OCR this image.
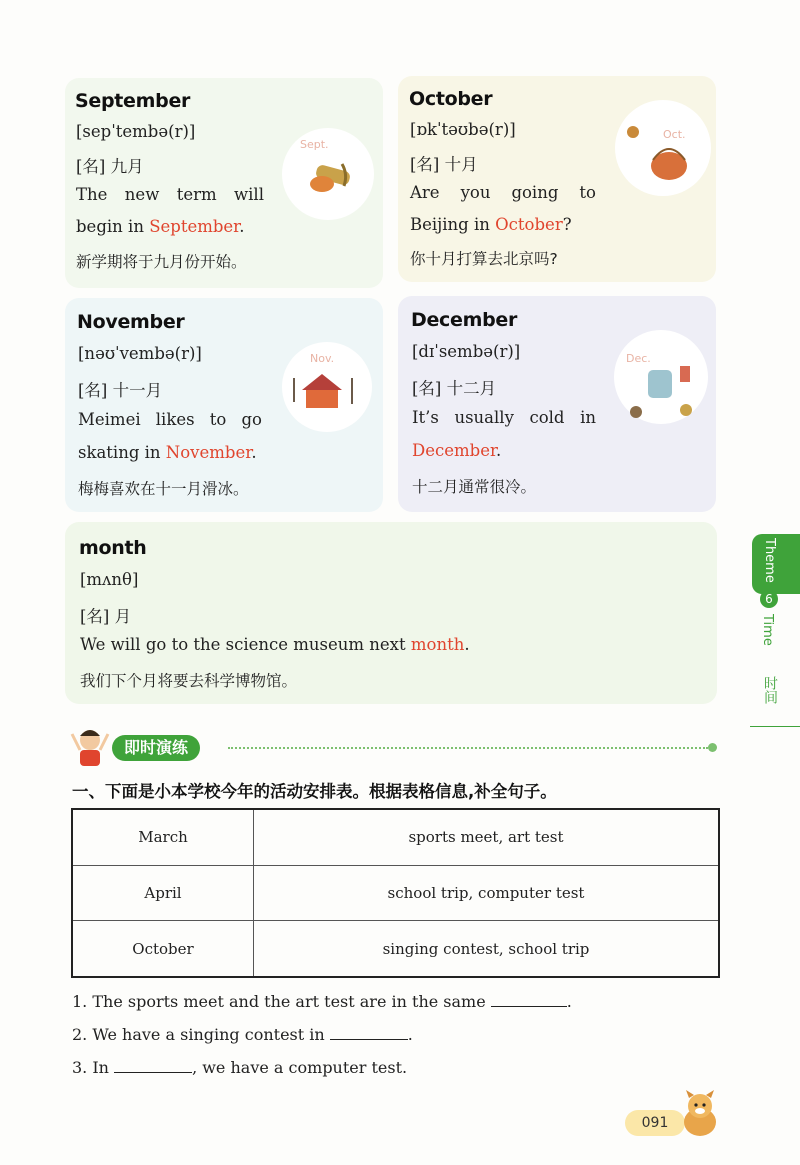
September
[sepˈtembə(r)]
[名] 九月
The new term will
begin in September.
新学期将于九月份开始。
Sept.
October
[ɒkˈtəʊbə(r)]
[名] 十月
Are you going to
Beijing in October?
你十月打算去北京吗?
Oct.
November
[nəʊˈvembə(r)]
[名] 十一月
Meimei likes to go
skating in November.
梅梅喜欢在十一月滑冰。
Nov.
December
[dɪˈsembə(r)]
[名] 十二月
It’s usually cold in
December.
十二月通常很冷。
Dec.
month
[mʌnθ]
[名] 月
We will go to the science museum next month.
我们下个月将要去科学博物馆。
Theme
6
Time
时间
即时演练
一、下面是小本学校今年的活动安排表。根据表格信息,补全句子。
March	sports meet, art test
April	school trip, computer test
October	singing contest, school trip
1. The sports meet and the art test are in the same	.
2. We have a singing contest in	.
3. In	, we have a computer test.
091
